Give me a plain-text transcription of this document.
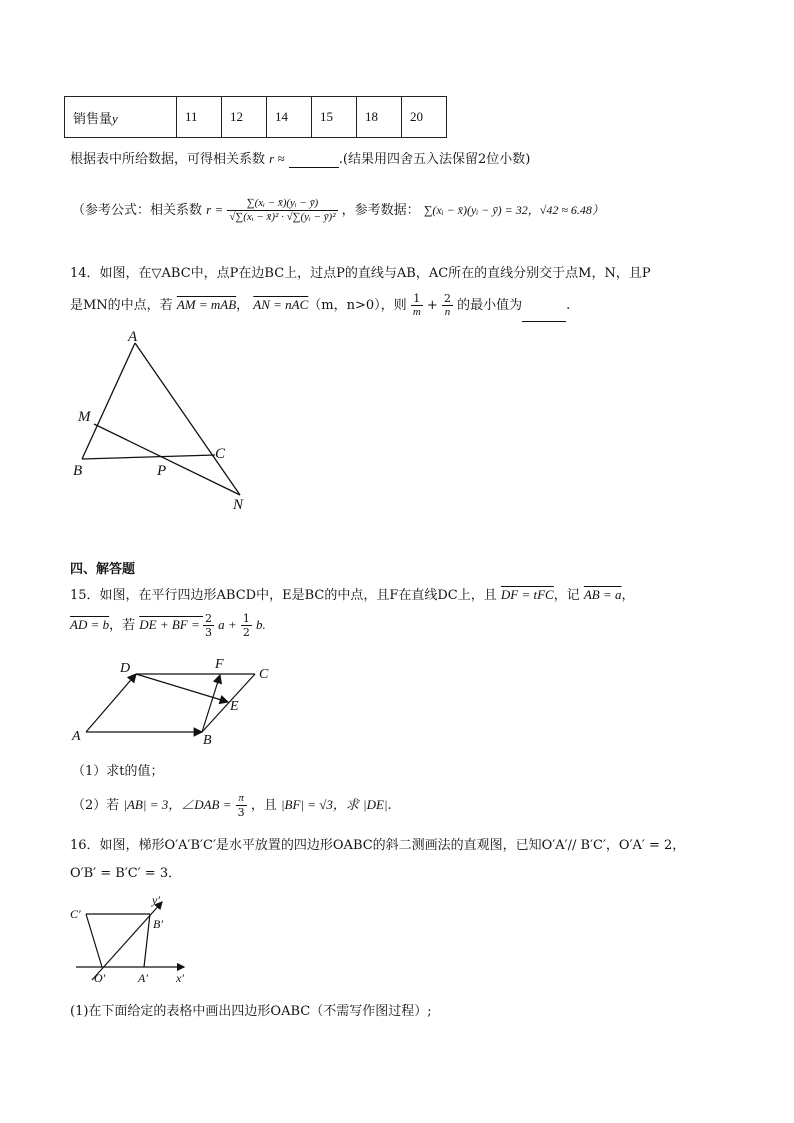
销售量y	11	12	14	15	18	20
根据表中所给数据，可得相关系数 r ≈	.(结果用四舍五入法保留2位小数)
（参考公式：相关系数 $r = \frac{\text{∑(xᵢ − x̄)(yᵢ − ȳ)}}{\text{√∑(xᵢ − x̄)² · √∑(yᵢ − ȳ)²}}$ ，参考数据： ∑(xᵢ − x̄)(yᵢ − ȳ) = 32，√42 ≈ 6.48）
14．如图，在▽ABC中，点P在边BC上，过点P的直线与AB，AC所在的直线分别交于点M，N，且P
是MN的中点，若 AM = mAB， AN = nAC（m，n>0），则 $\frac{1}{m} + \frac{2}{n}$ 的最小值为	.
A
M
B	P
C
N
四、解答题
15．如图，在平行四边形ABCD中，E是BC的中点，且F在直线DC上，且 DF = tFC，记 AB = a，
AD = b，若 DE + BF = $\frac{2}{3}$ $a + \frac{1}{2} b$.
D	F
C
E
A	B
（1）求t的值；
（2）若 |AB| = 3，∠DAB = $\frac{\pi}{3}$ ，且 |BF| = √3，求 |DE|.
16．如图，梯形O′A′B′C′是水平放置的四边形OABC的斜二测画法的直观图，已知O′A′// B′C′，O′A′ = 2，
O′B′ = B′C′ = 3．
C′
y′
B′
O′	A′ x′
(1)在下面给定的表格中画出四边形OABC（不需写作图过程）;
